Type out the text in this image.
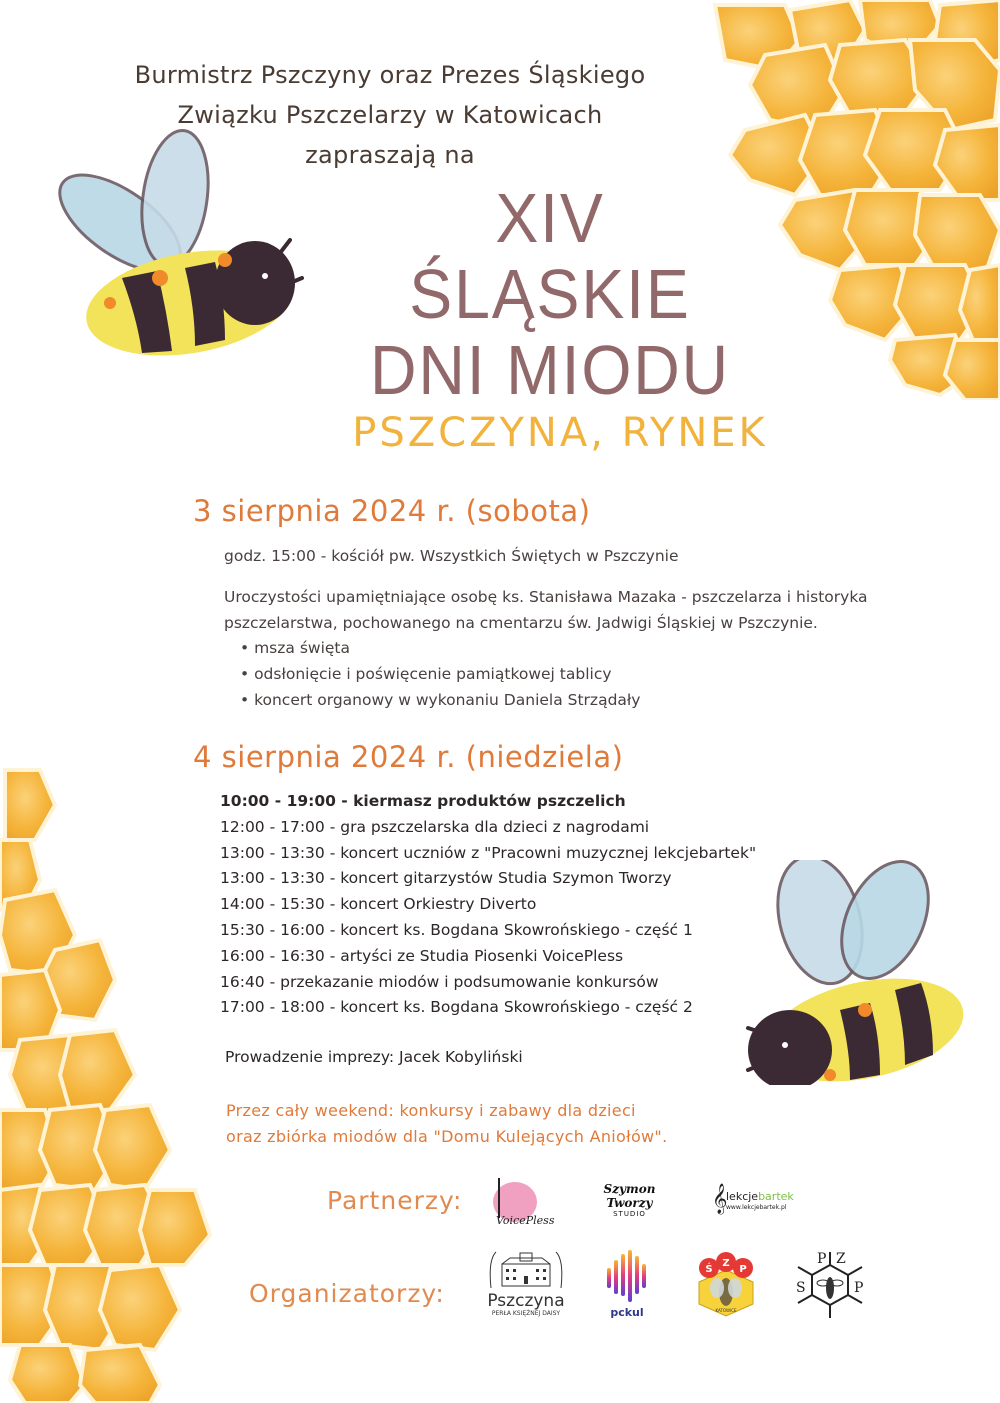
Burmistrz Pszczyny oraz Prezes Śląskiego
Związku Pszczelarzy w Katowicach
zapraszają na
XIV
ŚLĄSKIE
DNI MIODU
PSZCZYNA, RYNEK
3 sierpnia 2024 r. (sobota)
godz. 15:00 - kościół pw. Wszystkich Świętych w Pszczynie
Uroczystości upamiętniające osobę ks. Stanisława Mazaka - pszczelarza i historyka pszczelarstwa, pochowanego na cmentarzu św. Jadwigi Śląskiej w Pszczynie.
• msza święta
• odsłonięcie i poświęcenie pamiątkowej tablicy
• koncert organowy w wykonaniu Daniela Strządały
4 sierpnia 2024 r. (niedziela)
10:00 - 19:00 - kiermasz produktów pszczelich
12:00 - 17:00 - gra pszczelarska dla dzieci z nagrodami
13:00 - 13:30 - koncert uczniów z "Pracowni muzycznej lekcjebartek"
13:00 - 13:30 - koncert gitarzystów Studia Szymon Tworzy
14:00 - 15:30 - koncert Orkiestry Diverto
15:30 - 16:00 - koncert ks. Bogdana Skowrońskiego - część 1
16:00 - 16:30 - artyści ze Studia Piosenki VoicePless
16:40 - przekazanie miodów i podsumowanie konkursów
17:00 - 18:00 - koncert ks. Bogdana Skowrońskiego - część 2
Prowadzenie imprezy: Jacek Kobyliński
Przez cały weekend: konkursy i zabawy dla dzieci
oraz zbiórka miodów dla "Domu Kulejących Aniołów".
Partnerzy:
VoicePless
Szymon Tworzy
STUDIO	𝄞
lekcjebartek
www.lekcjebartek.pl
Organizatorzy:	Pszczyna
PERŁA KSIĘŻNEJ DAISY	pckul
Ś
Z
P
KATOWICE
P Z
S	P
